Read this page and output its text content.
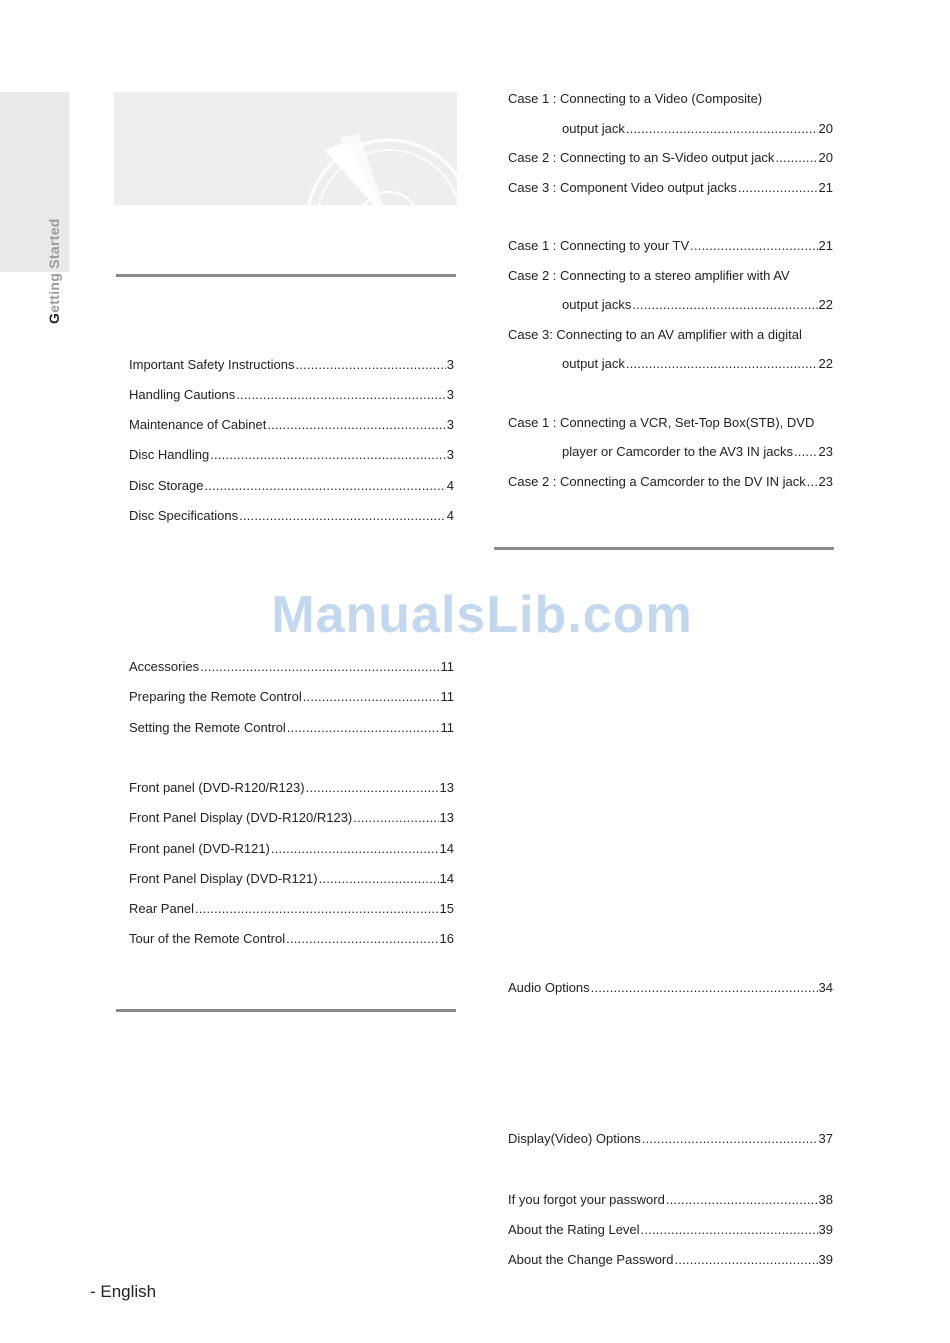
Getting Started
Important Safety Instructions .....	3
Handling Cautions .....	3
Maintenance of Cabinet .....	3
Disc Handling .....	3
Disc Storage .....	4
Disc Specifications .....	4
ManualsLib.com
Accessories .....	11
Preparing the Remote Control .....	11
Setting the Remote Control .....	11
Front panel (DVD-R120/R123) .....	13
Front Panel Display (DVD-R120/R123) .....	13
Front panel (DVD-R121) .....	14
Front Panel Display (DVD-R121) .....	14
Rear Panel .....	15
Tour of the Remote Control .....	16
Case 1 : Connecting to a Video (Composite)
output jack .....	20
Case 2 : Connecting to an S-Video output jack .....	20
Case 3 : Component Video output jacks .....	21
Case 1 : Connecting to your TV .....	21
Case 2 : Connecting to a stereo amplifier with AV
output jacks .....	22
Case 3: Connecting to an AV amplifier with a digital
output jack .....	22
Case 1 : Connecting a VCR, Set-Top Box(STB), DVD
player or Camcorder to the AV3 IN jacks ..... 23
Case 2 : Connecting a Camcorder to the DV IN jack ..... 23
Audio Options .....	34
Display(Video) Options .....	37
If you forgot your password .....	38
About the Rating Level .....	39
About the Change Password .....	39
- English
